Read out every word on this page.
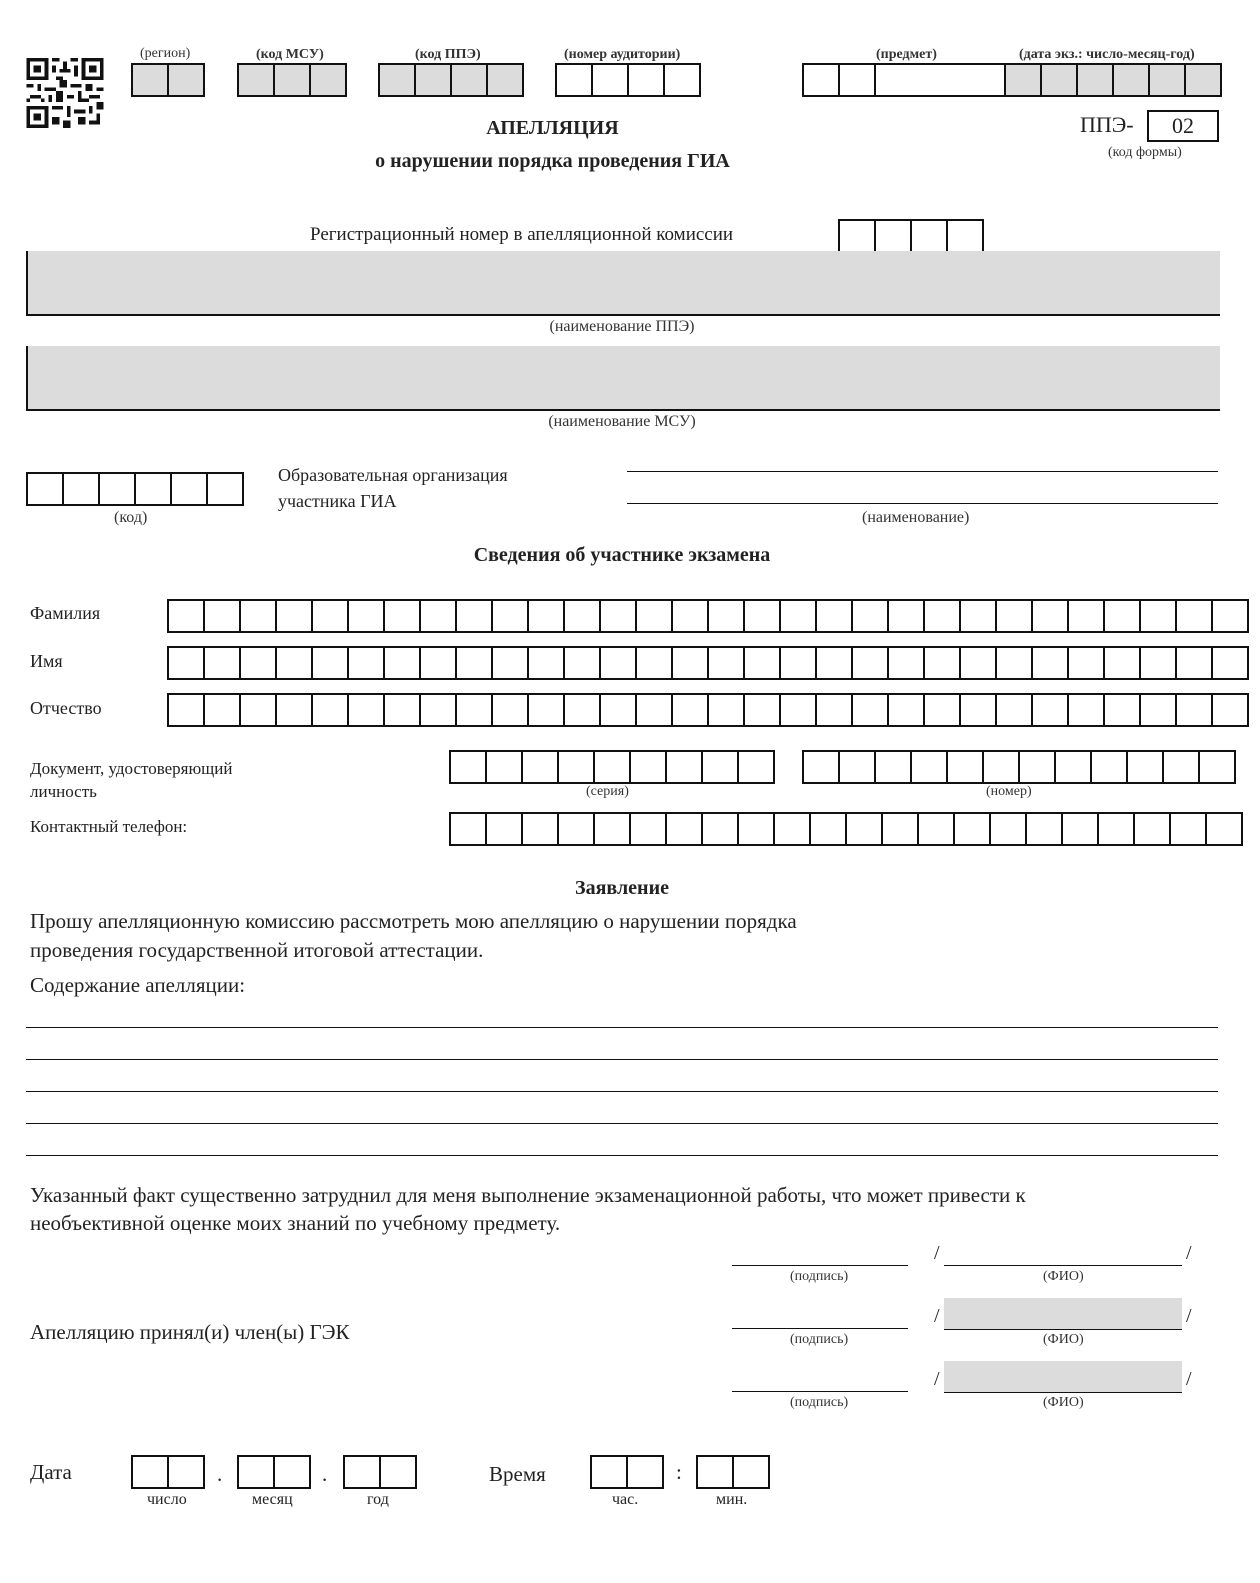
(регион)	(код МСУ)	(код ППЭ)	(номер аудитории)	(предмет)	(дата экз.: число-месяц-год)
АПЕЛЛЯЦИЯ
о нарушении порядка проведения ГИА
ППЭ-	02
(код формы)
Регистрационный номер в апелляционной комиссии
(наименование ППЭ)
(наименование МСУ)
(код)
Образовательная организация
участника ГИА
(наименование)
Сведения об участнике экзамена
Фамилия
Имя
Отчество
Документ, удостоверяющий
личность	(серия)	(номер)
Контактный телефон:
Заявление
Прошу апелляционную комиссию рассмотреть мою апелляцию о нарушении порядка
проведения государственной итоговой аттестации.
Содержание апелляции:
Указанный факт существенно затруднил для меня выполнение экзаменационной работы, что может привести к
необъективной оценке моих знаний по учебному предмету.
(подпись)
/	/
(ФИО)
Апелляцию принял(и) член(ы) ГЭК	(подпись)
/	/
(ФИО)
(подпись)
/	/
(ФИО)
Дата	.	.
число	месяц	год
Время	:
час.	мин.
